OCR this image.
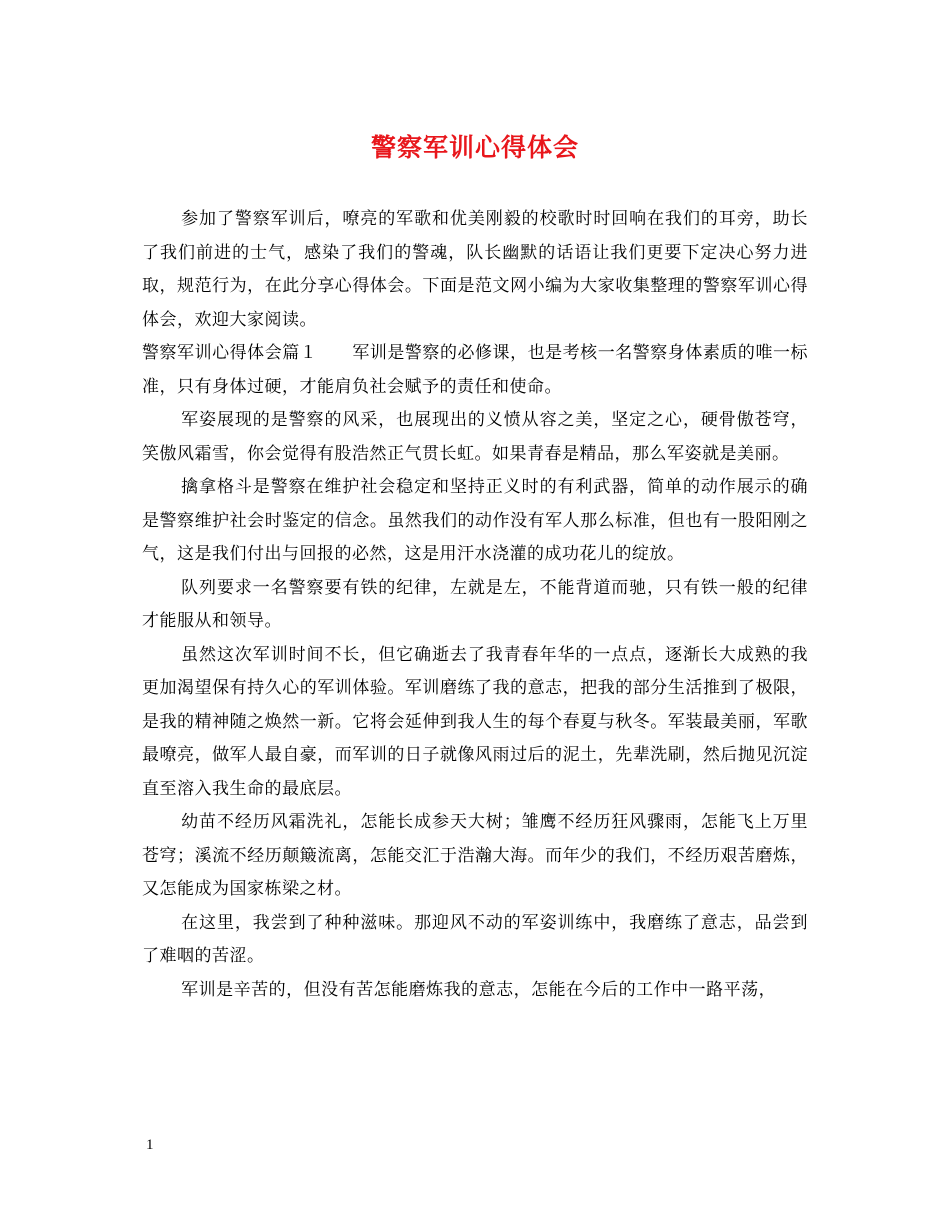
警察军训心得体会

参加了警察军训后，嘹亮的军歌和优美刚毅的校歌时时回响在我们的耳旁，助长了我们前进的士气，感染了我们的警魂，队长幽默的话语让我们更要下定决心努力进取，规范行为，在此分享心得体会。下面是范文网小编为大家收集整理的警察军训心得体会，欢迎大家阅读。

警察军训心得体会篇１　　军训是警察的必修课，也是考核一名警察身体素质的唯一标准，只有身体过硬，才能肩负社会赋予的责任和使命。

军姿展现的是警察的风采，也展现出的义愤从容之美，坚定之心，硬骨傲苍穹，笑傲风霜雪，你会觉得有股浩然正气贯长虹。如果青春是精品，那么军姿就是美丽。

擒拿格斗是警察在维护社会稳定和坚持正义时的有利武器，简单的动作展示的确是警察维护社会时鉴定的信念。虽然我们的动作没有军人那么标准，但也有一股阳刚之气，这是我们付出与回报的必然，这是用汗水浇灌的成功花儿的绽放。

队列要求一名警察要有铁的纪律，左就是左，不能背道而驰，只有铁一般的纪律才能服从和领导。

虽然这次军训时间不长，但它确逝去了我青春年华的一点点，逐渐长大成熟的我更加渴望保有持久心的军训体验。军训磨练了我的意志，把我的部分生活推到了极限，是我的精神随之焕然一新。它将会延伸到我人生的每个春夏与秋冬。军装最美丽，军歌最嘹亮，做军人最自豪，而军训的日子就像风雨过后的泥土，先辈洗刷，然后抛见沉淀直至溶入我生命的最底层。

幼苗不经历风霜洗礼，怎能长成参天大树；雏鹰不经历狂风骤雨，怎能飞上万里苍穹；溪流不经历颠簸流离，怎能交汇于浩瀚大海。而年少的我们，不经历艰苦磨炼，又怎能成为国家栋梁之材。

在这里，我尝到了种种滋味。那迎风不动的军姿训练中，我磨练了意志，品尝到了难咽的苦涩。

军训是辛苦的，但没有苦怎能磨炼我的意志，怎能在今后的工作中一路平荡，

1
